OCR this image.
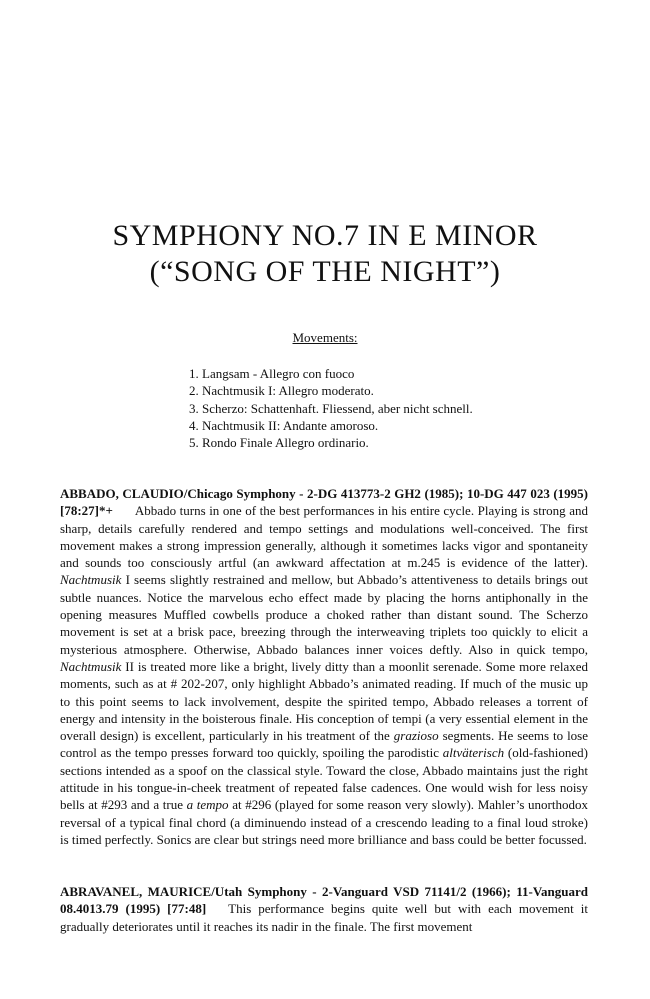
SYMPHONY NO.7 IN E MINOR
(“SONG OF THE NIGHT”)
Movements:
1. Langsam - Allegro con fuoco
2. Nachtmusik I: Allegro moderato.
3. Scherzo: Schattenhaft. Fliessend, aber nicht schnell.
4. Nachtmusik II: Andante amoroso.
5. Rondo Finale Allegro ordinario.
ABBADO, CLAUDIO/Chicago Symphony - 2-DG 413773-2 GH2 (1985); 10-DG 447 023 (1995) [78:27]*+ Abbado turns in one of the best performances in his entire cycle. Playing is strong and sharp, details carefully rendered and tempo settings and modulations well-conceived. The first movement makes a strong impression generally, although it sometimes lacks vigor and spontaneity and sounds too consciously artful (an awkward affectation at m.245 is evidence of the latter). Nachtmusik I seems slightly restrained and mellow, but Abbado’s attentiveness to details brings out subtle nuances. Notice the marvelous echo effect made by placing the horns antiphonally in the opening measures Muffled cowbells produce a choked rather than distant sound. The Scherzo movement is set at a brisk pace, breezing through the interweaving triplets too quickly to elicit a mysterious atmosphere. Otherwise, Abbado balances inner voices deftly. Also in quick tempo, Nachtmusik II is treated more like a bright, lively ditty than a moonlit serenade. Some more relaxed moments, such as at # 202-207, only highlight Abbado’s animated reading. If much of the music up to this point seems to lack involvement, despite the spirited tempo, Abbado releases a torrent of energy and intensity in the boisterous finale. His conception of tempi (a very essential element in the overall design) is excellent, particularly in his treatment of the grazioso segments. He seems to lose control as the tempo presses forward too quickly, spoiling the parodistic altväterisch (old-fashioned) sections intended as a spoof on the classical style. Toward the close, Abbado maintains just the right attitude in his tongue-in-cheek treatment of repeated false cadences. One would wish for less noisy bells at #293 and a true a tempo at #296 (played for some reason very slowly). Mahler’s unorthodox reversal of a typical final chord (a diminuendo instead of a crescendo leading to a final loud stroke) is timed perfectly. Sonics are clear but strings need more brilliance and bass could be better focussed.
ABRAVANEL, MAURICE/Utah Symphony - 2-Vanguard VSD 71141/2 (1966); 11-Vanguard 08.4013.79 (1995) [77:48] This performance begins quite well but with each movement it gradually deteriorates until it reaches its nadir in the finale. The first movement
